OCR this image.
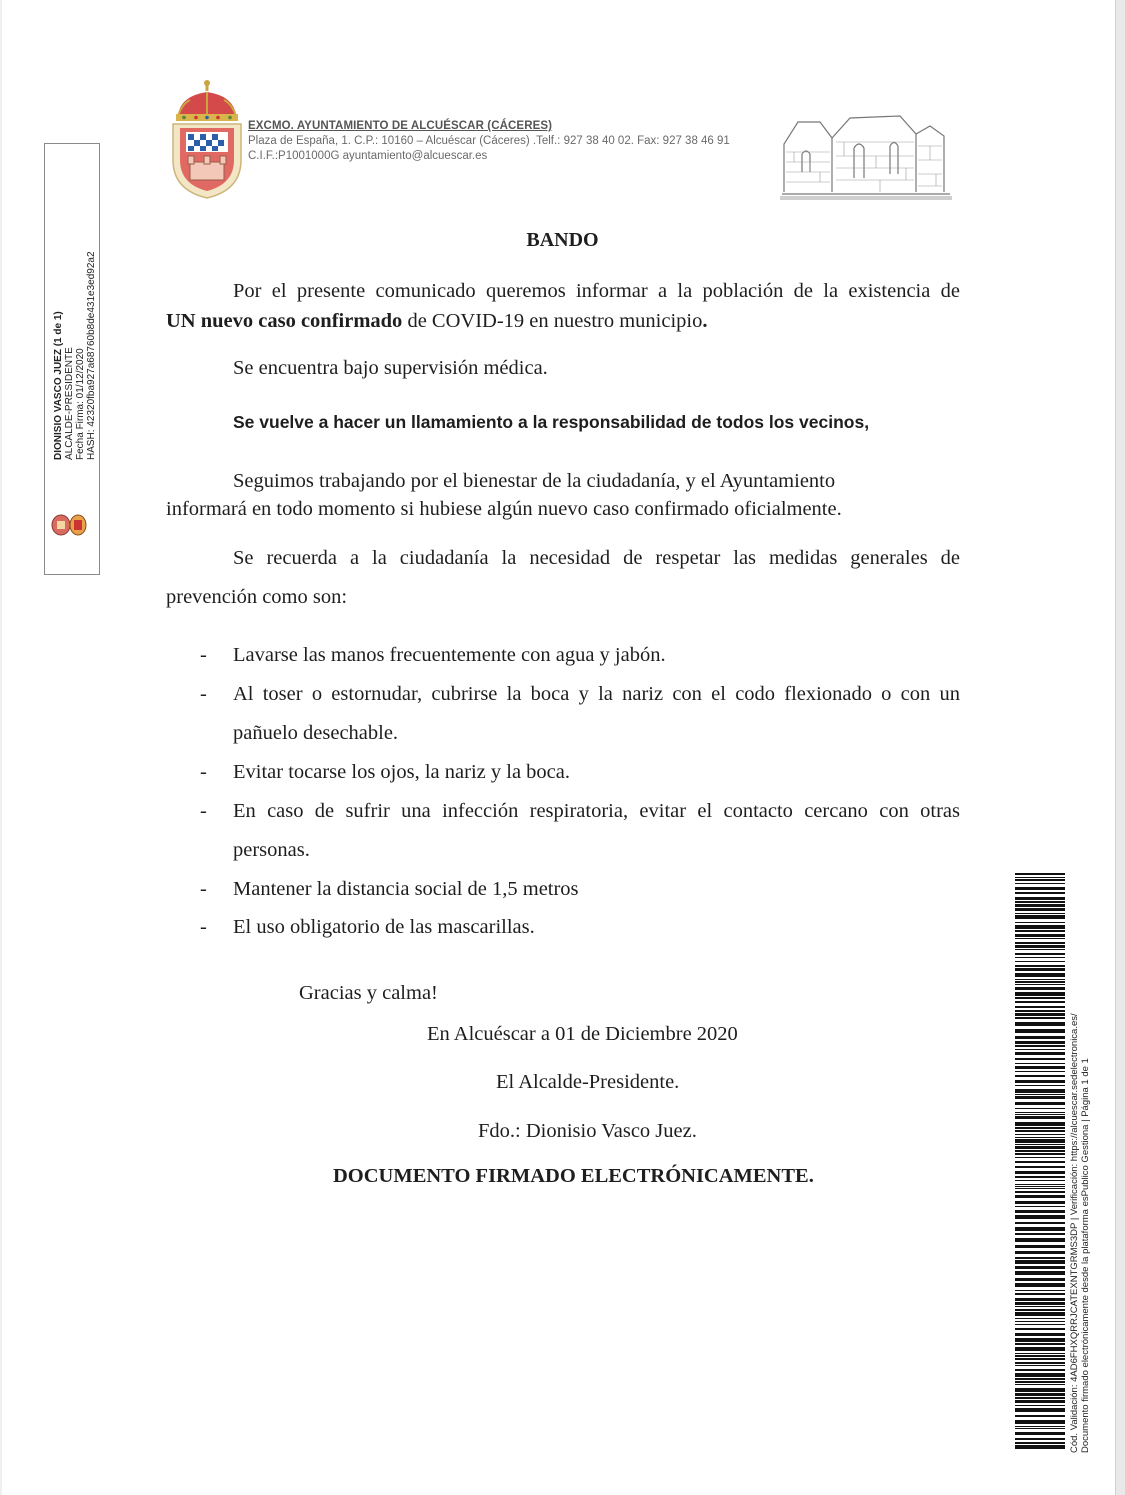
EXCMO. AYUNTAMIENTO DE ALCUÉSCAR (CÁCERES)
Plaza de España, 1. C.P.: 10160 – Alcuéscar (Cáceres) .Telf.: 927 38 40 02. Fax: 927 38 46 91
C.I.F.:P1001000G ayuntamiento@alcuescar.es
DIONISIO VASCO JUEZ (1 de 1) ALCALDE-PRESIDENTE Fecha Firma: 01/12/2020 HASH: 42320fba927a68760b8de431e3ed92a2
BANDO
Por el presente comunicado queremos informar a la población de la existencia de
UN nuevo caso confirmado de COVID-19 en nuestro municipio.
Se encuentra bajo supervisión médica.
Se vuelve a hacer un llamamiento a la responsabilidad de todos los vecinos,
Seguimos trabajando por el bienestar de la ciudadanía, y el Ayuntamiento
informará en todo momento si hubiese algún nuevo caso confirmado oficialmente.
Se recuerda a la ciudadanía la necesidad de respetar las medidas generales de
prevención como son:
- Lavarse las manos frecuentemente con agua y jabón.
- Al toser o estornudar, cubrirse la boca y la nariz con el codo flexionado o con un
pañuelo desechable.
- Evitar tocarse los ojos, la nariz y la boca.
- En caso de sufrir una infección respiratoria, evitar el contacto cercano con otras
personas.
- Mantener la distancia social de 1,5 metros
- El uso obligatorio de las mascarillas.
Gracias y calma!
En Alcuéscar a 01 de Diciembre 2020
El Alcalde-Presidente.
Fdo.: Dionisio Vasco Juez.
DOCUMENTO FIRMADO ELECTRÓNICAMENTE.	Cód. Validación: 4AD6FHXQRRJCATEXNTGRMS3DP | Verificación: https://alcuescar.sedelectronica.es/ Documento firmado electrónicamente desde la plataforma esPublico Gestiona | Página 1 de 1
